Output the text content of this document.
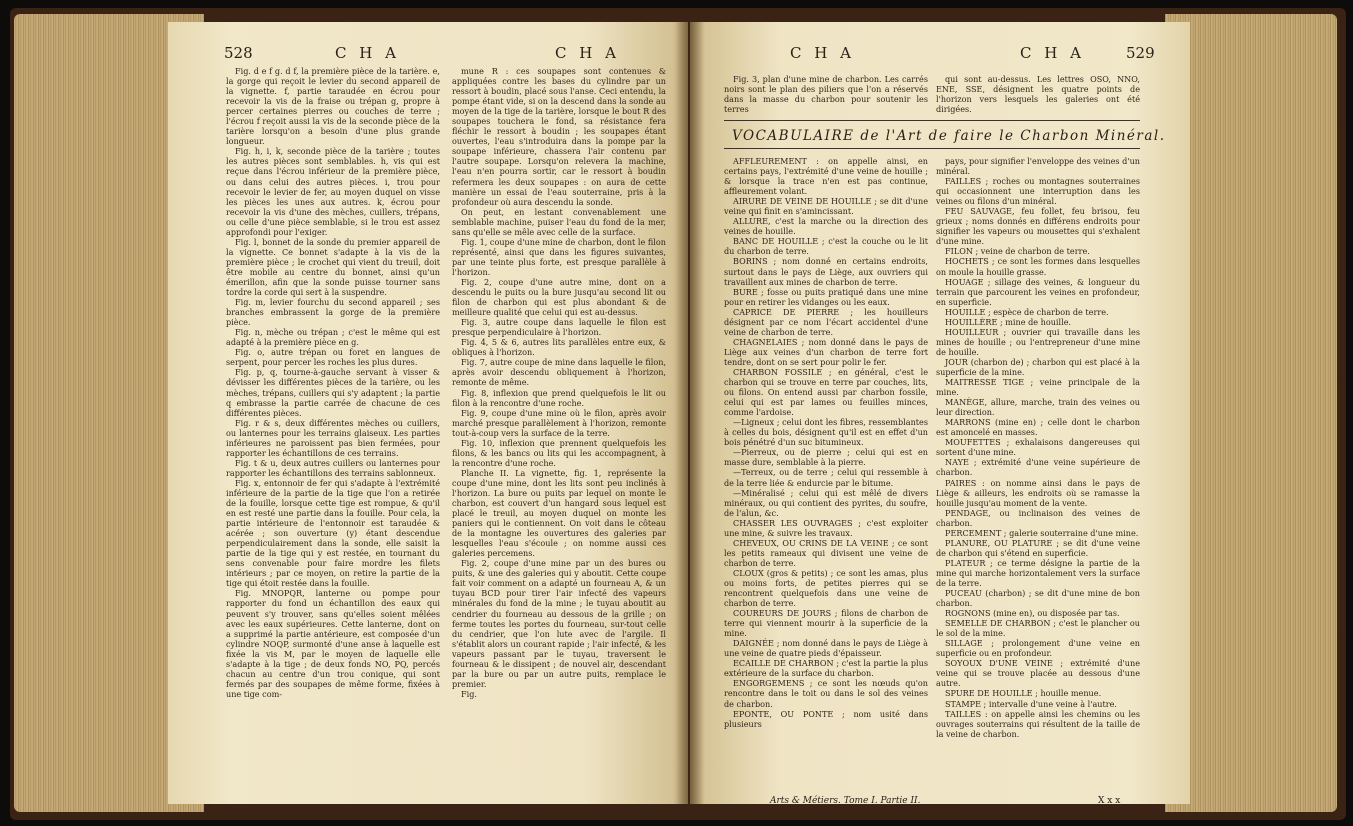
528	C H A	C H A

Fig. d e f g. d f, la première pièce de la tarière. e, la gorge qui reçoit le levier du second appareil de la vignette. f, partie taraudée en écrou pour recevoir la vis de la fraise ou trépan g, propre à percer certaines pierres ou couches de terre ; l'écrou f reçoit aussi la vis de la seconde pièce de la tarière lorsqu'on a besoin d'une plus grande longueur.

Fig. h, i, k, seconde pièce de la tarière ; toutes les autres pièces sont semblables. h, vis qui est reçue dans l'écrou inférieur de la première pièce, ou dans celui des autres pièces. i, trou pour recevoir le levier de fer, au moyen duquel on visse les pièces les unes aux autres. k, écrou pour recevoir la vis d'une des mèches, cuillers, trépans, ou celle d'une pièce semblable, si le trou est assez approfondi pour l'exiger.

Fig. l, bonnet de la sonde du premier appareil de la vignette. Ce bonnet s'adapte à la vis de la première pièce ; le crochet qui vient du treuil, doit être mobile au centre du bonnet, ainsi qu'un émerillon, afin que la sonde puisse tourner sans tordre la corde qui sert à la suspendre.

Fig. m, levier fourchu du second appareil ; ses branches embrassent la gorge de la première pièce.

Fig. n, mèche ou trépan ; c'est le même qui est adapté à la première pièce en g.

Fig. o, autre trépan ou foret en langues de serpent, pour percer les roches les plus dures.

Fig. p, q, tourne-à-gauche servant à visser & dévisser les différentes pièces de la tarière, ou les mèches, trépans, cuillers qui s'y adaptent ; la partie q embrasse la partie carrée de chacune de ces différentes pièces.

Fig. r & s, deux différentes mèches ou cuillers, ou lanternes pour les terrains glaiseux. Les parties inférieures ne paroissent pas bien fermées, pour rapporter les échantillons de ces terrains.

Fig. t & u, deux autres cuillers ou lanternes pour rapporter les échantillons des terrains sablonneux.

Fig. x, entonnoir de fer qui s'adapte à l'extrémité inférieure de la partie de la tige que l'on a retirée de la fouille, lorsque cette tige est rompue, & qu'il en est resté une partie dans la fouille. Pour cela, la partie intérieure de l'entonnoir est taraudée & acérée ; son ouverture (y) étant descendue perpendiculairement dans la sonde, elle saisit la partie de la tige qui y est restée, en tournant du sens convenable pour faire mordre les filets intérieurs ; par ce moyen, on retire la partie de la tige qui étoit restée dans la fouille.

Fig. MNOPQR, lanterne ou pompe pour rapporter du fond un échantillon des eaux qui peuvent s'y trouver, sans qu'elles soient mêlées avec les eaux supérieures. Cette lanterne, dont on a supprimé la partie antérieure, est composée d'un cylindre NOQP, surmonté d'une anse à laquelle est fixée la vis M, par le moyen de laquelle elle s'adapte à la tige ; de deux fonds NO, PQ, percés chacun au centre d'un trou conique, qui sont fermés par des soupapes de même forme, fixées à une tige com-

mune R : ces soupapes sont contenues & appliquées contre les bases du cylindre par un ressort à boudin, placé sous l'anse. Ceci entendu, la pompe étant vide, si on la descend dans la sonde au moyen de la tige de la tarière, lorsque le bout R des soupapes touchera le fond, sa résistance fera fléchir le ressort à boudin ; les soupapes étant ouvertes, l'eau s'introduira dans la pompe par la soupape inférieure, chassera l'air contenu par l'autre soupape. Lorsqu'on relevera la machine, l'eau n'en pourra sortir, car le ressort à boudin refermera les deux soupapes : on aura de cette manière un essai de l'eau souterraine, pris à la profondeur où aura descendu la sonde.

On peut, en lestant convenablement une semblable machine, puiser l'eau du fond de la mer, sans qu'elle se mêle avec celle de la surface.

Fig. 1, coupe d'une mine de charbon, dont le filon représenté, ainsi que dans les figures suivantes, par une teinte plus forte, est presque parallèle à l'horizon.

Fig. 2, coupe d'une autre mine, dont on a descendu le puits ou la bure jusqu'au second lit ou filon de charbon qui est plus abondant & de meilleure qualité que celui qui est au-dessus.

Fig. 3, autre coupe dans laquelle le filon est presque perpendiculaire à l'horizon.

Fig. 4, 5 & 6, autres lits parallèles entre eux, & obliques à l'horizon.

Fig. 7, autre coupe de mine dans laquelle le filon, après avoir descendu obliquement à l'horizon, remonte de même.

Fig. 8, inflexion que prend quelquefois le lit ou filon à la rencontre d'une roche.

Fig. 9, coupe d'une mine où le filon, après avoir marché presque parallèlement à l'horizon, remonte tout-à-coup vers la surface de la terre.

Fig. 10, inflexion que prennent quelquefois les filons, & les bancs ou lits qui les accompagnent, à la rencontre d'une roche.

Planche II. La vignette, fig. 1, représente la coupe d'une mine, dont les lits sont peu inclinés à l'horizon. La bure ou puits par lequel on monte le charbon, est couvert d'un hangard sous lequel est placé le treuil, au moyen duquel on monte les paniers qui le contiennent. On voit dans le côteau de la montagne les ouvertures des galeries par lesquelles l'eau s'écoule ; on nomme aussi ces galeries percemens.

Fig. 2, coupe d'une mine par un des bures ou puits, & une des galeries qui y aboutit. Cette coupe fait voir comment on a adapté un fourneau A, & un tuyau BCD pour tirer l'air infecté des vapeurs minérales du fond de la mine ; le tuyau aboutit au cendrier du fourneau au dessous de la grille ; on ferme toutes les portes du fourneau, sur-tout celle du cendrier, que l'on lute avec de l'argile. Il s'établit alors un courant rapide ; l'air infecté, & les vapeurs passant par le tuyau, traversent le fourneau & le dissipent ; de nouvel air, descendant par la bure ou par un autre puits, remplace le premier.

Fig.

C H A	C H A	529

Fig. 3, plan d'une mine de charbon. Les carrés noirs sont le plan des piliers que l'on a réservés dans la masse du charbon pour soutenir les terres

qui sont au-dessus. Les lettres OSO, NNO, ENE, SSE, désignent les quatre points de l'horizon vers lesquels les galeries ont été dirigées.

VOCABULAIRE de l'Art de faire le Charbon Minéral.

AFFLEUREMENT : on appelle ainsi, en certains pays, l'extrémité d'une veine de houille ; & lorsque la trace n'en est pas continue, affleurement volant.

AIRURE DE VEINE DE HOUILLE ; se dit d'une veine qui finit en s'amincissant.

ALLURE, c'est la marche ou la direction des veines de houille.

BANC DE HOUILLE ; c'est la couche ou le lit du charbon de terre.

BORINS ; nom donné en certains endroits, surtout dans le pays de Liège, aux ouvriers qui travaillent aux mines de charbon de terre.

BURE ; fosse ou puits pratiqué dans une mine pour en retirer les vidanges ou les eaux.

CAPRICE DE PIERRE ; les houilleurs désignent par ce nom l'écart accidentel d'une veine de charbon de terre.

CHAGNELAIES ; nom donné dans le pays de Liège aux veines d'un charbon de terre fort tendre, dont on se sert pour polir le fer.

CHARBON FOSSILE ; en général, c'est le charbon qui se trouve en terre par couches, lits, ou filons. On entend aussi par charbon fossile, celui qui est par lames ou feuilles minces, comme l'ardoise.

—Ligneux ; celui dont les fibres, ressemblantes à celles du bois, désignent qu'il est en effet d'un bois pénétré d'un suc bitumineux.

—Pierreux, ou de pierre ; celui qui est en masse dure, semblable à la pierre.

—Terreux, ou de terre ; celui qui ressemble à de la terre liée & endurcie par le bitume.

—Minéralisé ; celui qui est mêlé de divers minéraux, ou qui contient des pyrites, du soufre, de l'alun, &c.

CHASSER LES OUVRAGES ; c'est exploiter une mine, & suivre les travaux.

CHEVEUX, OU CRINS DE LA VEINE ; ce sont les petits rameaux qui divisent une veine de charbon de terre.

CLOUX (gros & petits) ; ce sont les amas, plus ou moins forts, de petites pierres qui se rencontrent quelquefois dans une veine de charbon de terre.

COUREURS DE JOURS ; filons de charbon de terre qui viennent mourir à la superficie de la mine.

DAIGNÉE ; nom donné dans le pays de Liège à une veine de quatre pieds d'épaisseur.

ECAILLE DE CHARBON ; c'est la partie la plus extérieure de la surface du charbon.

ENGORGEMENS ; ce sont les nœuds qu'on rencontre dans le toit ou dans le sol des veines de charbon.

EPONTE, OU PONTE ; nom usité dans plusieurs

pays, pour signifier l'enveloppe des veines d'un minéral.

FAILLES ; roches ou montagnes souterraines qui occasionnent une interruption dans les veines ou filons d'un minéral.

FEU SAUVAGE, feu follet, feu brisou, feu grieux ; noms donnés en différens endroits pour signifier les vapeurs ou mousettes qui s'exhalent d'une mine.

FILON ; veine de charbon de terre.

HOCHETS ; ce sont les formes dans lesquelles on moule la houille grasse.

HOUAGE ; sillage des veines, & longueur du terrain que parcourent les veines en profondeur, en superficie.

HOUILLE ; espèce de charbon de terre.

HOUILLÈRE ; mine de houille.

HOUILLEUR ; ouvrier qui travaille dans les mines de houille ; ou l'entrepreneur d'une mine de houille.

JOUR (charbon de) ; charbon qui est placé à la superficie de la mine.

MAITRESSE TIGE ; veine principale de la mine.

MANÈGE, allure, marche, train des veines ou leur direction.

MARRONS (mine en) ; celle dont le charbon est amoncelé en masses.

MOUFETTES ; exhalaisons dangereuses qui sortent d'une mine.

NAYE ; extrémité d'une veine supérieure de charbon.

PAIRES : on nomme ainsi dans le pays de Liège & ailleurs, les endroits où se ramasse la houille jusqu'au moment de la vente.

PENDAGE, ou inclinaison des veines de charbon.

PERCEMENT ; galerie souterraine d'une mine.

PLANURE, OU PLATURE ; se dit d'une veine de charbon qui s'étend en superficie.

PLATEUR ; ce terme désigne la partie de la mine qui marche horizontalement vers la surface de la terre.

PUCEAU (charbon) ; se dit d'une mine de bon charbon.

ROGNONS (mine en), ou disposée par tas.

SEMELLE DE CHARBON ; c'est le plancher ou le sol de la mine.

SILLAGE ; prolongement d'une veine en superficie ou en profondeur.

SOYOUX D'UNE VEINE ; extrémité d'une veine qui se trouve placée au dessous d'une autre.

SPURE DE HOUILLE ; houille menue.

STAMPE ; intervalle d'une veine à l'autre.

TAILLES : on appelle ainsi les chemins ou les ouvrages souterrains qui résultent de la taille de la veine de charbon.

Arts & Métiers. Tome I. Partie II.	X x x
